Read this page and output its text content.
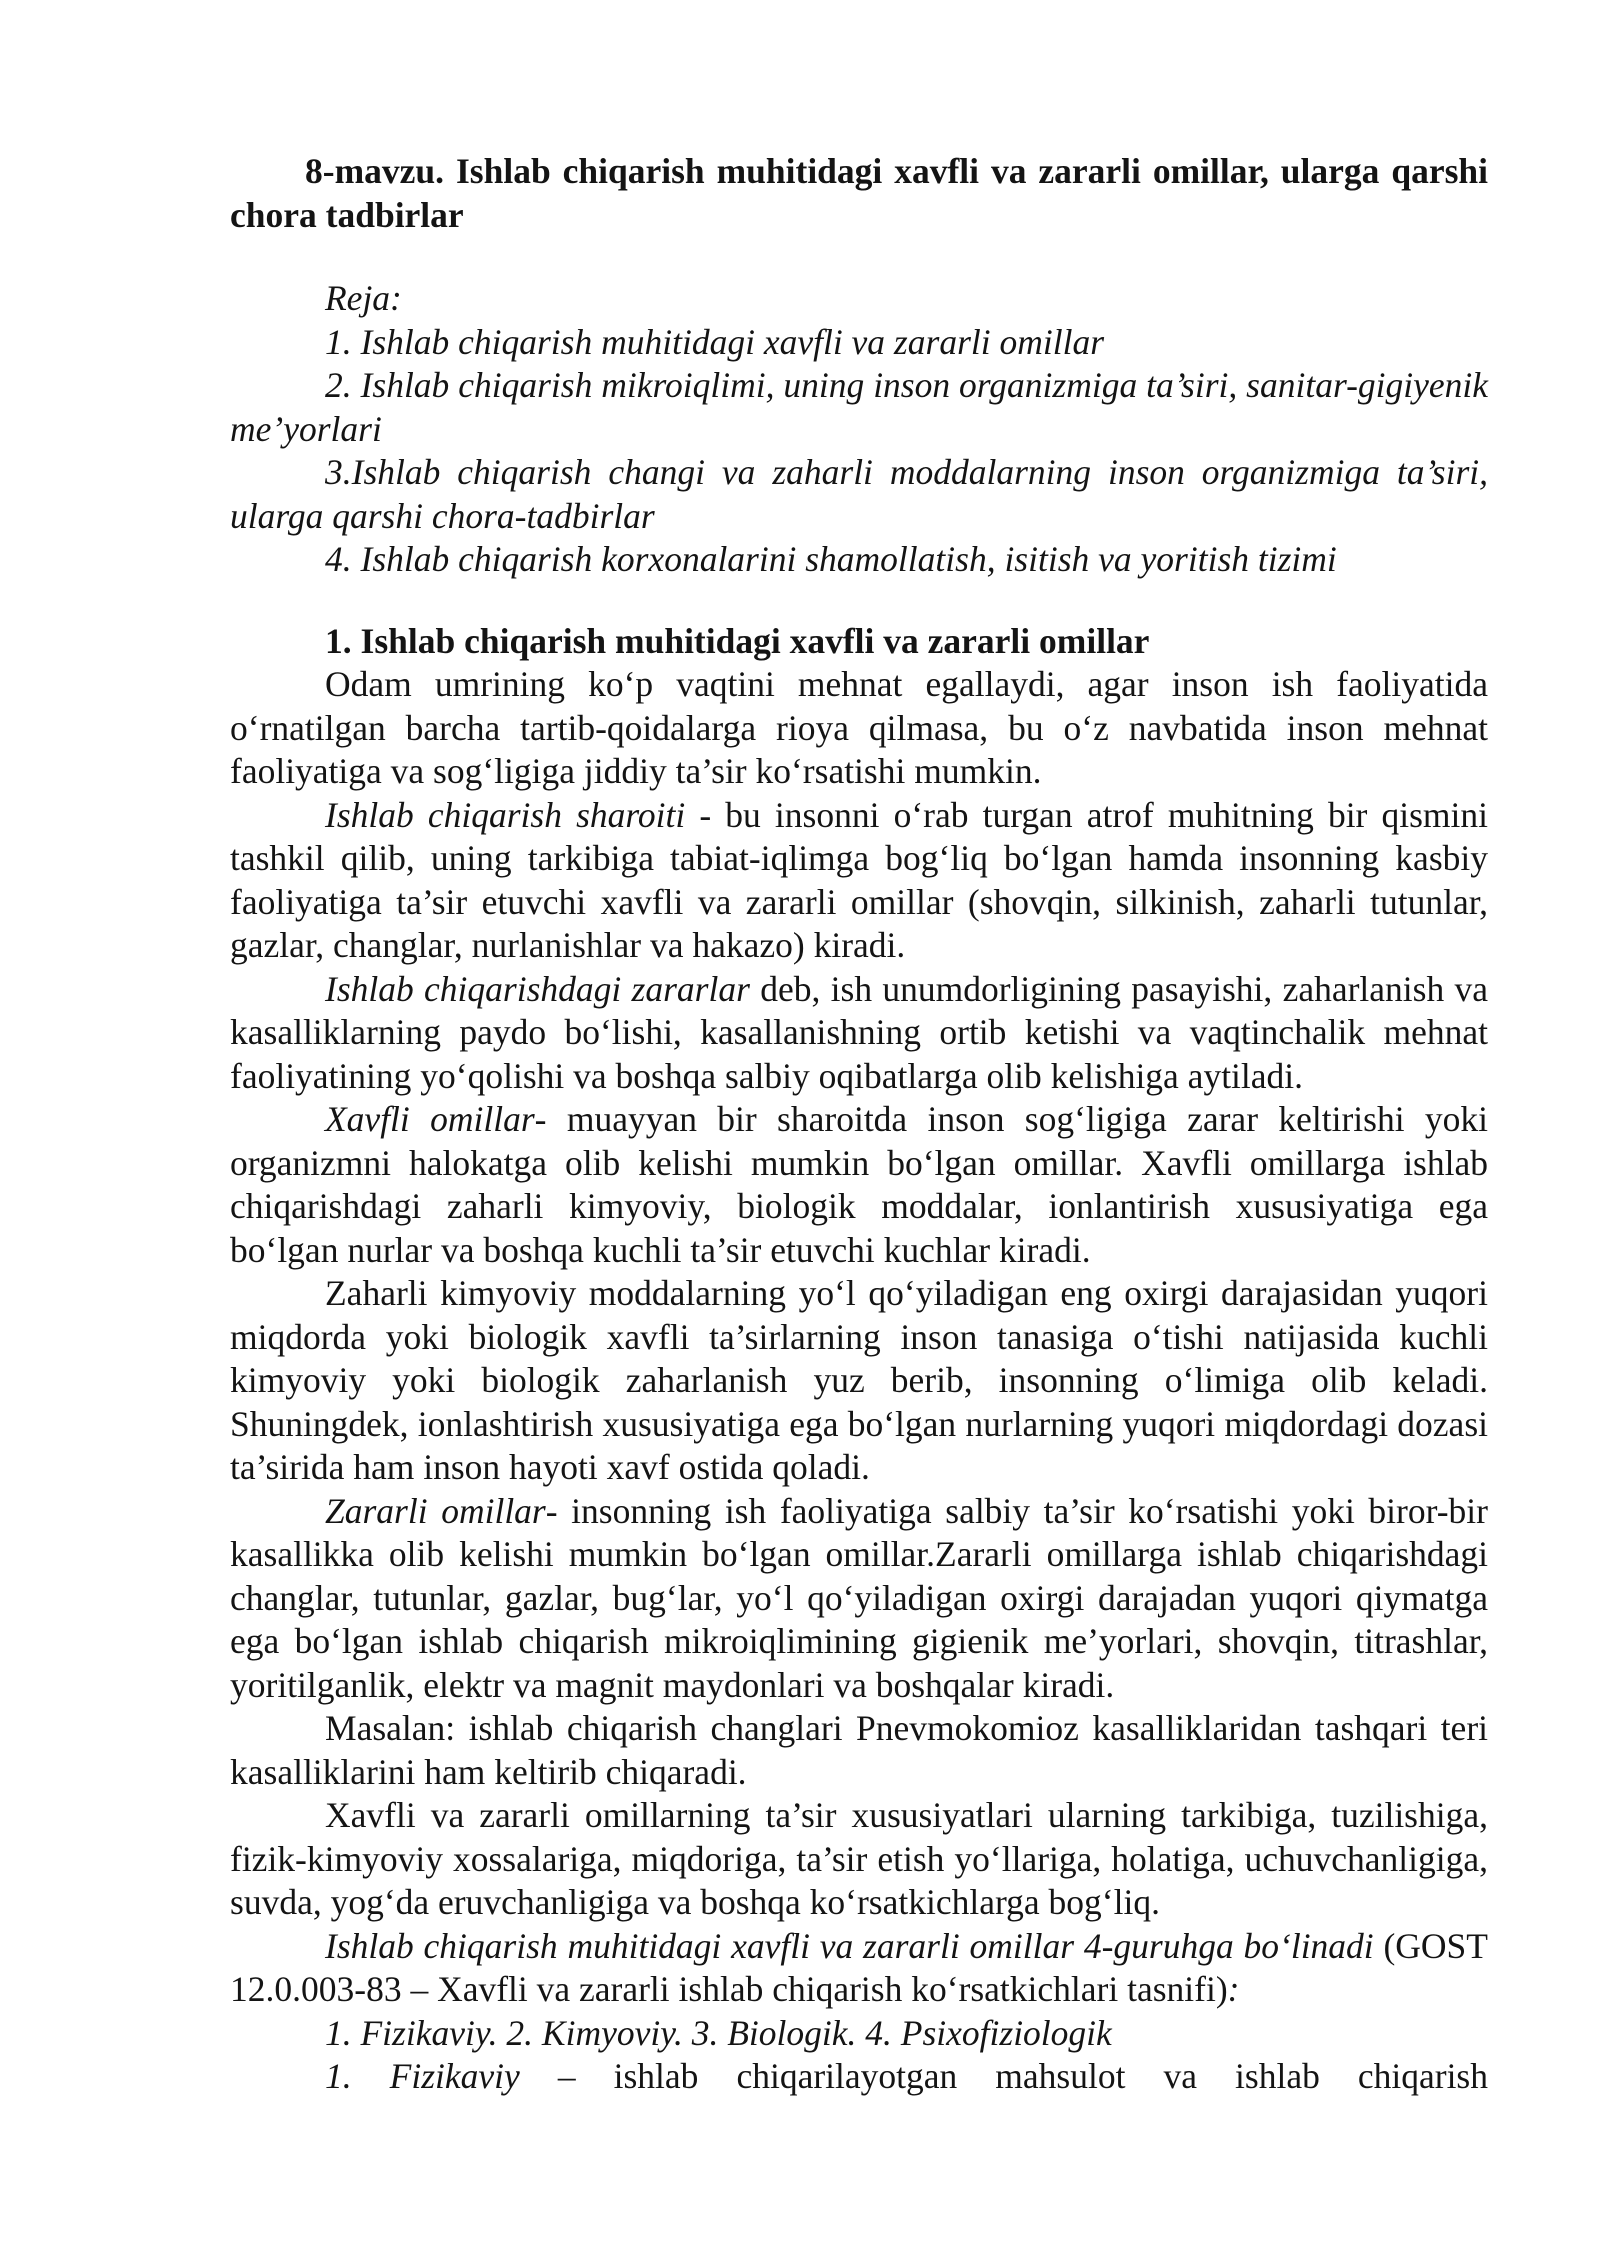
8-mavzu. Ishlab chiqarish muhitidagi xavfli va zararli omillar, ularga qarshi chora tadbirlar

Reja:

1. Ishlab chiqarish muhitidagi xavfli va zararli omillar

2. Ishlab chiqarish mikroiqlimi, uning inson organizmiga ta’siri, sanitar-gigiyenik me’yorlari

3.Ishlab chiqarish changi va zaharli moddalarning inson organizmiga ta’siri, ularga qarshi chora-tadbirlar

4. Ishlab chiqarish korxonalarini shamollatish, isitish va yoritish tizimi

1. Ishlab chiqarish muhitidagi xavfli va zararli omillar

Odam umrining ko‘p vaqtini mehnat egallaydi, agar inson ish faoliyatida o‘rnatilgan barcha tartib-qoidalarga rioya qilmasa, bu o‘z navbatida inson mehnat faoliyatiga va sog‘ligiga jiddiy ta’sir ko‘rsatishi mumkin.

Ishlab chiqarish sharoiti - bu insonni o‘rab turgan atrof muhitning bir qismini tashkil qilib, uning tarkibiga tabiat-iqlimga bog‘liq bo‘lgan hamda insonning kasbiy faoliyatiga ta’sir etuvchi xavfli va zararli omillar (shovqin, silkinish, zaharli tutunlar, gazlar, changlar, nurlanishlar va hakazo) kiradi.

Ishlab chiqarishdagi zararlar deb, ish unumdorligining pasayishi, zaharlanish va kasalliklarning paydo bo‘lishi, kasallanishning ortib ketishi va vaqtinchalik mehnat faoliyatining yo‘qolishi va boshqa salbiy oqibatlarga olib kelishiga aytiladi.

Xavfli omillar- muayyan bir sharoitda inson sog‘ligiga zarar keltirishi yoki organizmni halokatga olib kelishi mumkin bo‘lgan omillar. Xavfli omillarga ishlab chiqarishdagi zaharli kimyoviy, biologik moddalar, ionlantirish xususiyatiga ega bo‘lgan nurlar va boshqa kuchli ta’sir etuvchi kuchlar kiradi.

Zaharli kimyoviy moddalarning yo‘l qo‘yiladigan eng oxirgi darajasidan yuqori miqdorda yoki biologik xavfli ta’sirlarning inson tanasiga o‘tishi natijasida kuchli kimyoviy yoki biologik zaharlanish yuz berib, insonning o‘limiga olib keladi. Shuningdek, ionlashtirish xususiyatiga ega bo‘lgan nurlarning yuqori miqdordagi dozasi ta’sirida ham inson hayoti xavf ostida qoladi.

Zararli omillar- insonning ish faoliyatiga salbiy ta’sir ko‘rsatishi yoki biror-bir kasallikka olib kelishi mumkin bo‘lgan omillar.Zararli omillarga ishlab chiqarishdagi changlar, tutunlar, gazlar, bug‘lar, yo‘l qo‘yiladigan oxirgi darajadan yuqori qiymatga ega bo‘lgan ishlab chiqarish mikroiqlimining gigienik me’yorlari, shovqin, titrashlar, yoritilganlik, elektr va magnit maydonlari va boshqalar kiradi.

Masalan: ishlab chiqarish changlari Pnevmokomioz kasalliklaridan tashqari teri kasalliklarini ham keltirib chiqaradi.

Xavfli va zararli omillarning ta’sir xususiyatlari ularning tarkibiga, tuzilishiga, fizik-kimyoviy xossalariga, miqdoriga, ta’sir etish yo‘llariga, holatiga, uchuvchanligiga, suvda, yog‘da eruvchanligiga va boshqa ko‘rsatkichlarga bog‘liq.

Ishlab chiqarish muhitidagi xavfli va zararli omillar 4-guruhga bo‘linadi (GOST 12.0.003-83 – Xavfli va zararli ishlab chiqarish ko‘rsatkichlari tasnifi):

1. Fizikaviy. 2. Kimyoviy. 3. Biologik. 4. Psixofiziologik

1. Fizikaviy – ishlab chiqarilayotgan mahsulot va ishlab chiqarish
